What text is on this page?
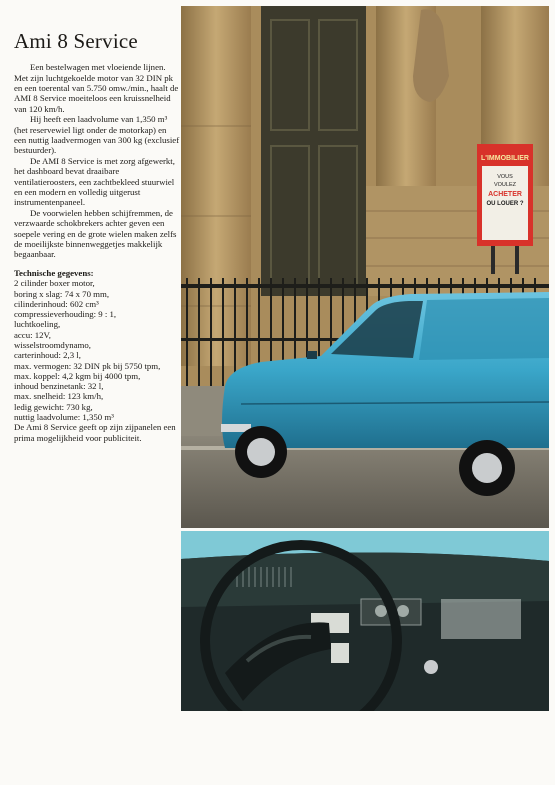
Ami 8 Service

Een bestelwagen met vloeiende lijnen. Met zijn luchtgekoelde motor van 32 DIN pk en een toerental van 5.750 omw./min., haalt de AMI 8 Service moeiteloos een kruissnelheid van 120 km/h.

Hij heeft een laadvolume van 1,350 m³ (het reservewiel ligt onder de motorkap) en een nuttig laadvermogen van 300 kg (exclusief bestuurder).

De AMI 8 Service is met zorg afgewerkt, het dashboard bevat draaibare ventilatieroosters, een zachtbekleed stuurwiel en een modern en volledig uitgerust instrumentenpaneel.

De voorwielen hebben schijfremmen, de verzwaarde schokbrekers achter geven een soepele vering en de grote wielen maken zelfs de moeilijkste binnenweggetjes makkelijk begaanbaar.

Technische gegevens:

2 cilinder boxer motor,
boring x slag: 74 x 70 mm,
cilinderinhoud: 602 cm³
compressieverhouding: 9 : 1,
luchtkoeling,
accu: 12V,
wisselstroomdynamo,
carterinhoud: 2,3 l,
max. vermogen: 32 DIN pk bij 5750 tpm,
max. koppel: 4,2 kgm bij 4000 tpm,
inhoud benzinetank: 32 l,
max. snelheid: 123 km/h,
ledig gewicht: 730 kg,
nuttig laadvolume: 1,350 m³

De Ami 8 Service geeft op zijn zijpanelen een prima mogelijkheid voor publiciteit.

L'IMMOBILIER
VOUS
VOULEZ
ACHETER
OU LOUER ?
